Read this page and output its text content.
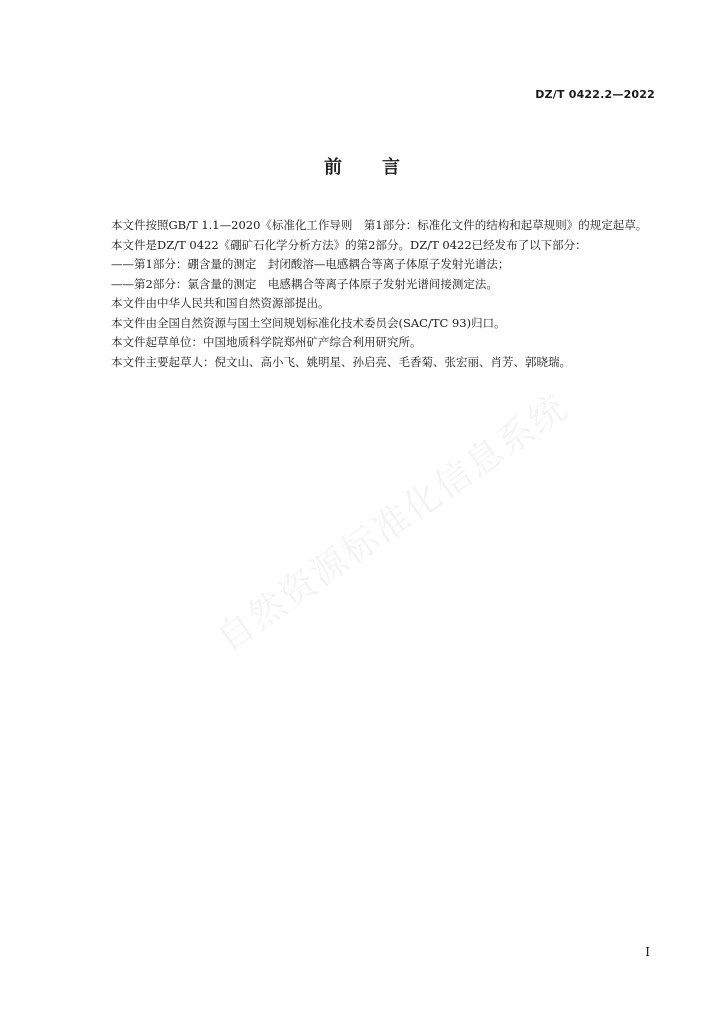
DZ/T 0422.2—2022
前言

本文件按照GB/T 1.1—2020《标准化工作导则　第1部分：标准化文件的结构和起草规则》的规定起草。

本文件是DZ/T 0422《硼矿石化学分析方法》的第2部分。DZ/T 0422已经发布了以下部分：

——第1部分：硼含量的测定　封闭酸溶—电感耦合等离子体原子发射光谱法；

——第2部分：氯含量的测定　电感耦合等离子体原子发射光谱间接测定法。

本文件由中华人民共和国自然资源部提出。

本文件由全国自然资源与国土空间规划标准化技术委员会(SAC/TC 93)归口。

本文件起草单位：中国地质科学院郑州矿产综合利用研究所。

本文件主要起草人：倪文山、高小飞、姚明星、孙启亮、毛香菊、张宏丽、肖芳、郭晓瑞。

自然资源标准化信息系统
I
